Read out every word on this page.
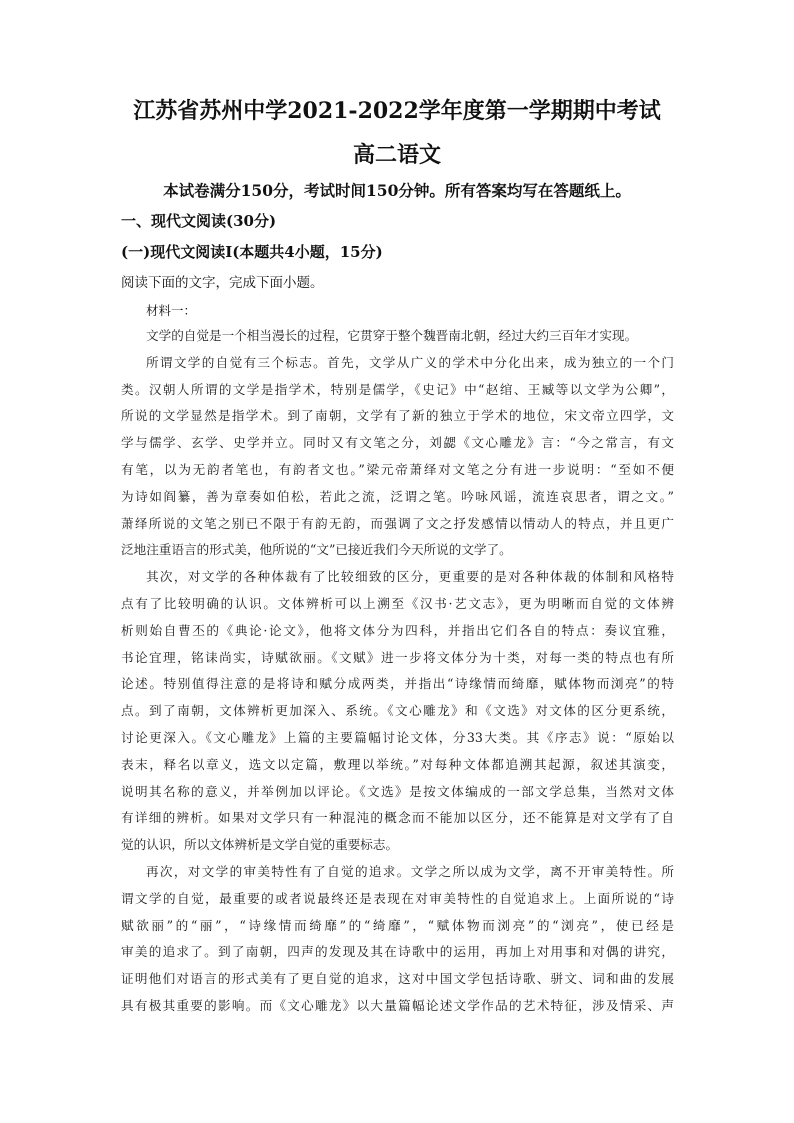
江苏省苏州中学2021-2022学年度第一学期期中考试
高二语文
本试卷满分150分，考试时间150分钟。所有答案均写在答题纸上。
一、现代文阅读(30分)
(一)现代文阅读Ⅰ(本题共4小题，15分)
阅读下面的文字，完成下面小题。
材料一：
文学的自觉是一个相当漫长的过程，它贯穿于整个魏晋南北朝，经过大约三百年才实现。
所谓文学的自觉有三个标志。首先，文学从广义的学术中分化出来，成为独立的一个门
类。汉朝人所谓的文学是指学术，特别是儒学，《史记》中“赵绾、王臧等以文学为公卿”，
所说的文学显然是指学术。到了南朝，文学有了新的独立于学术的地位，宋文帝立四学，文
学与儒学、玄学、史学并立。同时又有文笔之分，刘勰《文心雕龙》言：“今之常言，有文
有笔，以为无韵者笔也，有韵者文也。”梁元帝萧绎对文笔之分有进一步说明：“至如不便
为诗如阎纂，善为章奏如伯松，若此之流，泛谓之笔。吟咏风谣，流连哀思者，谓之文。”
萧绎所说的文笔之别已不限于有韵无韵，而强调了文之抒发感情以情动人的特点，并且更广
泛地注重语言的形式美，他所说的“文”已接近我们今天所说的文学了。
其次，对文学的各种体裁有了比较细致的区分，更重要的是对各种体裁的体制和风格特
点有了比较明确的认识。文体辨析可以上溯至《汉书·艺文志》，更为明晰而自觉的文体辨
析则始自曹丕的《典论·论文》，他将文体分为四科，并指出它们各自的特点：奏议宜雅，
书论宜理，铭诔尚实，诗赋欲丽。《文赋》进一步将文体分为十类，对每一类的特点也有所
论述。特别值得注意的是将诗和赋分成两类，并指出“诗缘情而绮靡，赋体物而浏亮”的特
点。到了南朝，文体辨析更加深入、系统。《文心雕龙》和《文选》对文体的区分更系统，
讨论更深入。《文心雕龙》上篇的主要篇幅讨论文体，分33大类。其《序志》说：“原始以
表末，释名以章义，选文以定篇，敷理以举统。”对每种文体都追溯其起源，叙述其演变，
说明其名称的意义，并举例加以评论。《文选》是按文体编成的一部文学总集，当然对文体
有详细的辨析。如果对文学只有一种混沌的概念而不能加以区分，还不能算是对文学有了自
觉的认识，所以文体辨析是文学自觉的重要标志。
再次，对文学的审美特性有了自觉的追求。文学之所以成为文学，离不开审美特性。所
谓文学的自觉，最重要的或者说最终还是表现在对审美特性的自觉追求上。上面所说的“诗
赋欲丽”的“丽”，“诗缘情而绮靡”的“绮靡”，“赋体物而浏亮”的“浏亮”，使已经是
审美的追求了。到了南朝，四声的发现及其在诗歌中的运用，再加上对用事和对偶的讲究，
证明他们对语言的形式美有了更自觉的追求，这对中国文学包括诗歌、骈文、词和曲的发展
具有极其重要的影响。而《文心雕龙》以大量篇幅论述文学作品的艺术特征，涉及情采、声
